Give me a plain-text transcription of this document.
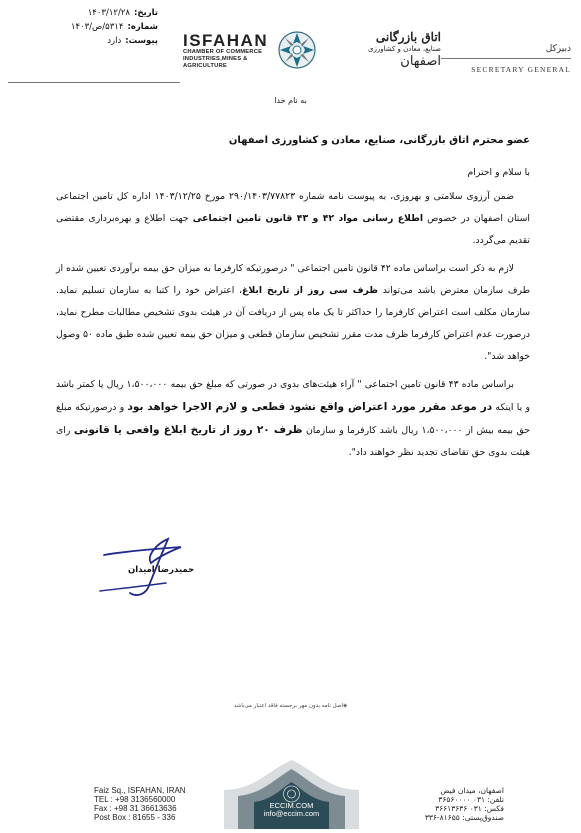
تاریخ:
۱۴۰۳/۱۲/۲۸
شماره:
۵۳۱۴/ص/۱۴۰۳
پیوست:
دارد	ISFAHAN
CHAMBER OF COMMERCE
INDUSTRIES,MINES & AGRICULTURE
اتاق بازرگانی
صنایع، معادن و کشاورزی
اصفهان
دبیرکل
SECRETARY GENERAL
به نام خدا
عضو محترم اتاق بازرگانی، صنایع، معادن و کشاورزی اصفهان
با سلام و احترام

ضمن آرزوی سلامتی و بهروزی، به پیوست نامه شماره ۲۹۰/۱۴۰۳/۷۷۸۲۳ مورخ ۱۴۰۳/۱۲/۲۵ اداره کل تامین اجتماعی استان اصفهان در خصوص اطلاع رسانی مواد ۴۲ و ۴۳ قانون تامین اجتماعی جهت اطلاع و بهره‌برداری مقتضی تقدیم می‌گردد.

لازم به ذکر است براساس ماده ۴۲ قانون تامین اجتماعی " درصورتیکه کارفرما به میزان حق بیمه برآوردی تعیین شده از طرف سازمان معترض باشد می‌تواند ظرف سی روز از تاریخ ابلاغ، اعتراض خود را کتبا به سازمان تسلیم نماید. سازمان مکلف است اعتراض کارفرما را حداکثر تا یک ماه پس از دریافت آن در هیئت بدوی تشخیص مطالبات مطرح نماید، درصورت عدم اعتراض کارفرما ظرف مدت مقرر تشخیص سازمان قطعی و میزان حق بیمه تعیین شده طبق ماده ۵۰ وصول خواهد شد".

براساس ماده ۴۳ قانون تامین اجتماعی " آراء هیئت‌های بدوی در صورتی که مبلغ حق بیمه ۱،۵۰۰،۰۰۰ ریال یا کمتر باشد و یا اینکه در موعد مقرر مورد اعتراض واقع نشود قطعی و لازم الاجرا خواهد بود و درصورتیکه مبلغ حق بیمه بیش از ۱،۵۰۰،۰۰۰ ریال باشد کارفرما و سازمان ظرف ۲۰ روز از تاریخ ابلاغ واقعی یا قانونی رای هیئت بدوی حق تقاضای تجدید نظر خواهند داد".

حمیدرضا امیدان
◈اصل نامه بدون مهر برجسته فاقد اعتبار می‌باشد
Faiz Sq., ISFAHAN, IRAN
TEL : +98 3136560000
Fax : +98 31 36613636
Post Box : 81655 - 336
ECCIM.COM
info@eccim.com
اصفهان، میدان فیض
تلفن: ۰۳۱ ۳۶۵۶۰۰۰۰
فکس: ۰۳۱ ۳۶۶۱۳۶۳۶
صندوق‌پستی: ۸۱۶۵۵-۳۳۶
